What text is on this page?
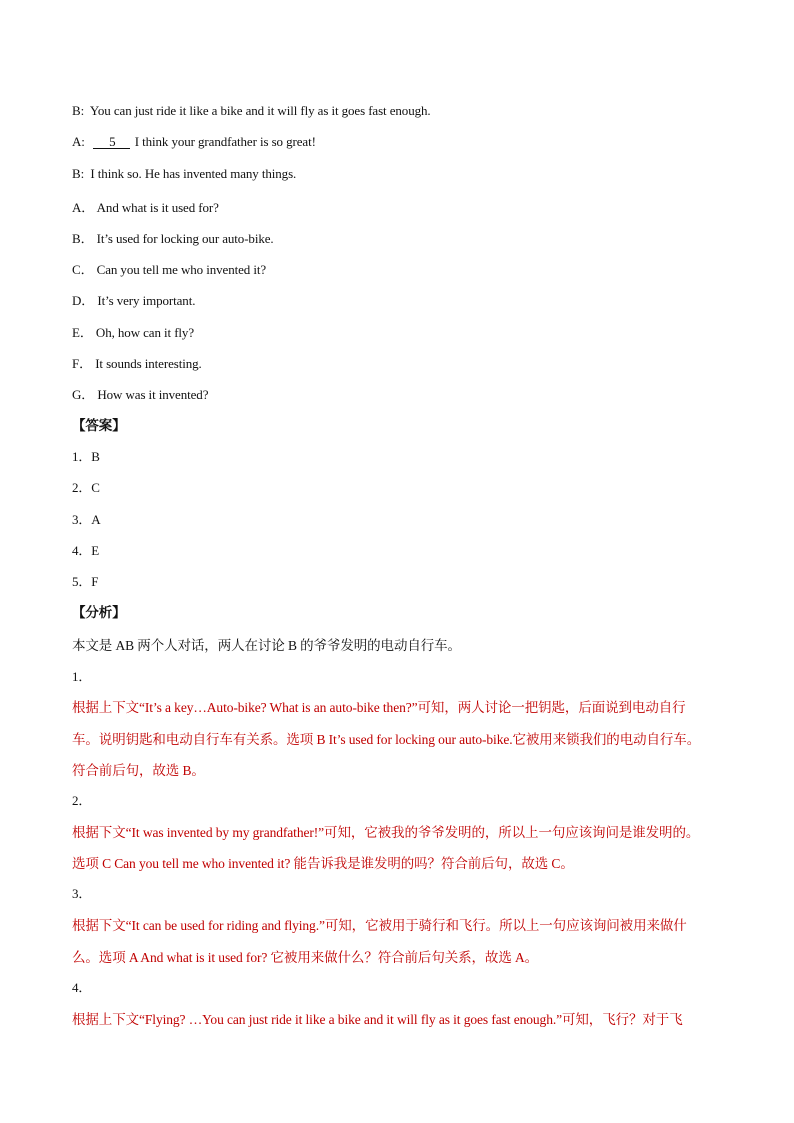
B: You can just ride it like a bike and it will fly as it goes fast enough.
A: 5 I think your grandfather is so great!
B: I think so. He has invented many things.
A． And what is it used for?
B． It’s used for locking our auto-bike.
C． Can you tell me who invented it?
D． It’s very important.
E． Oh, how can it fly?
F． It sounds interesting.
G． How was it invented?
【答案】
1．B
2．C
3．A
4．E
5．F
【分析】
本文是 AB 两个人对话，两人在讨论 B 的爷爷发明的电动自行车。
1．
根据上下文“It’s a key…Auto-bike? What is an auto-bike then?”可知，两人讨论一把钥匙，后面说到电动自行
车。说明钥匙和电动自行车有关系。选项 B It’s used for locking our auto-bike.它被用来锁我们的电动自行车。
符合前后句，故选 B。
2．
根据下文“It was invented by my grandfather!”可知，它被我的爷爷发明的，所以上一句应该询问是谁发明的。
选项 C Can you tell me who invented it? 能告诉我是谁发明的吗？符合前后句，故选 C。
3．
根据下文“It can be used for riding and flying.”可知，它被用于骑行和飞行。所以上一句应该询问被用来做什
么。选项 A And what is it used for? 它被用来做什么？符合前后句关系，故选 A。
4．
根据上下文“Flying? …You can just ride it like a bike and it will fly as it goes fast enough.”可知，飞行？对于飞
